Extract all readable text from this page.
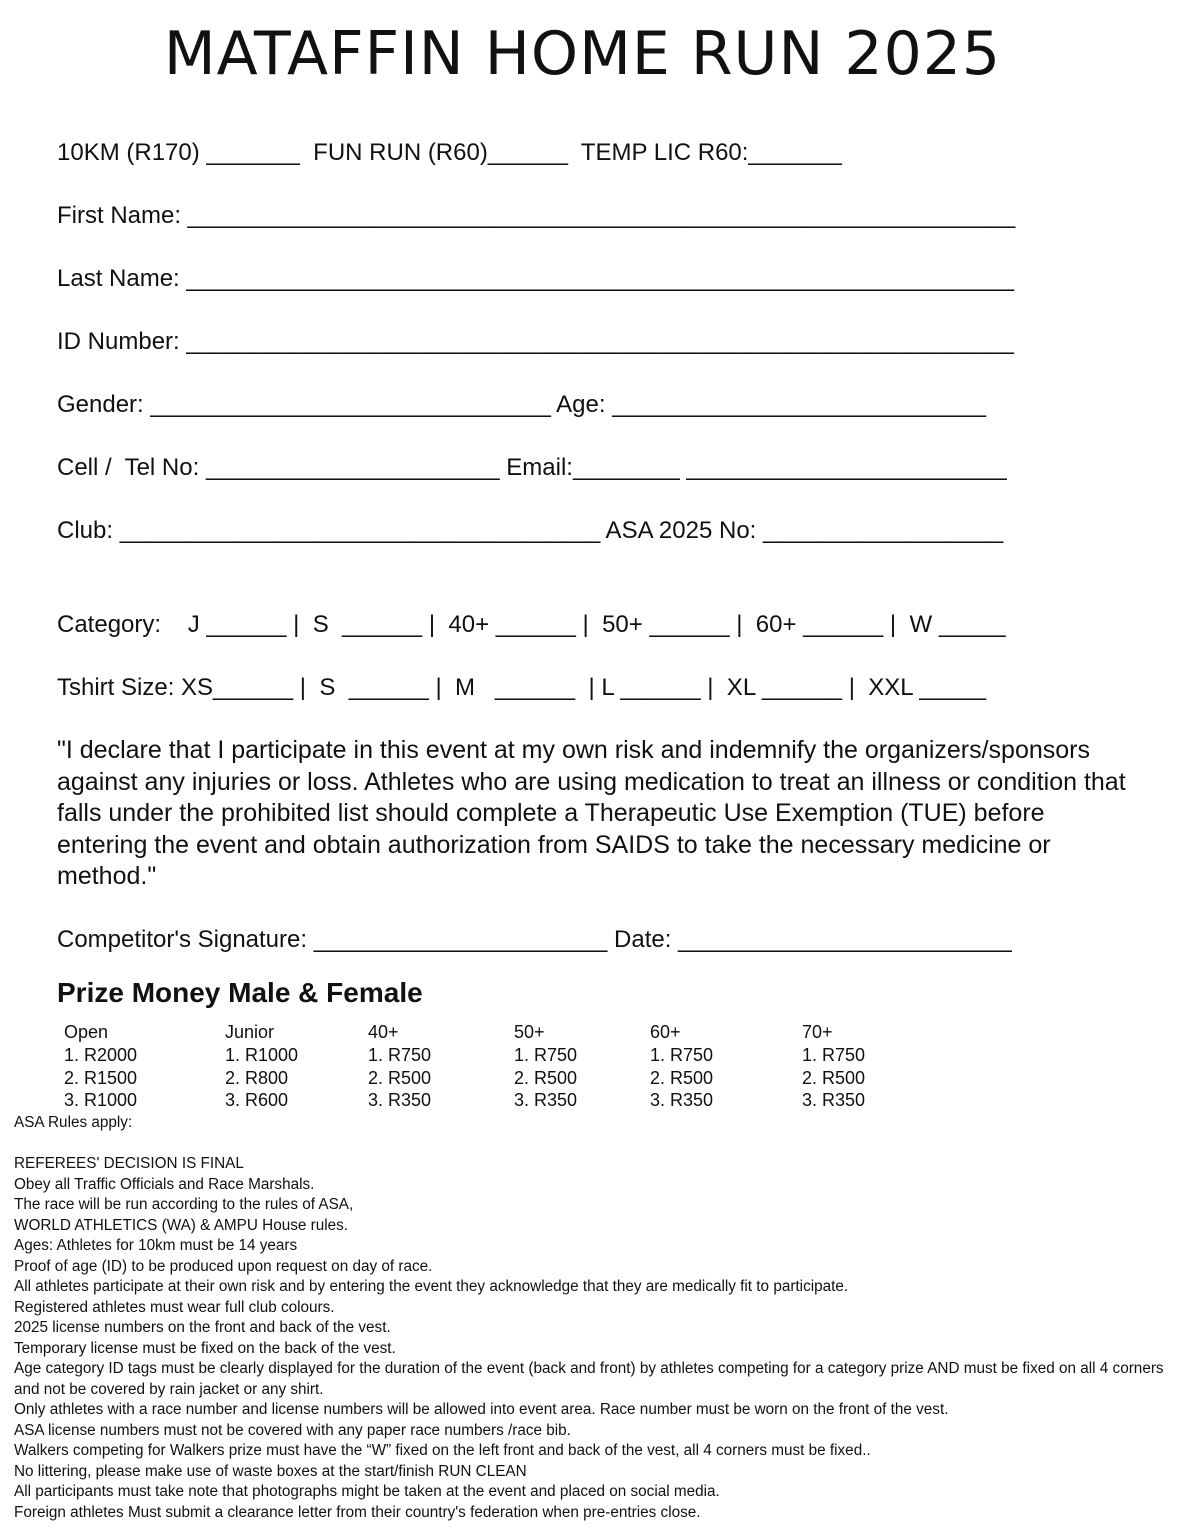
MATAFFIN HOME RUN 2025
10KM (R170) _______  FUN RUN (R60)______  TEMP LIC R60:_______
First Name: ______________________________________________________________
Last Name: ______________________________________________________________
ID Number: ______________________________________________________________
Gender: ______________________________ Age: ____________________________
Cell /  Tel No: ______________________ Email:________ ________________________
Club: ____________________________________ ASA 2025 No: __________________
Category:    J ______ |  S  ______ |  40+ ______ |  50+ ______ |  60+ ______ |  W _____
Tshirt Size: XS______ |  S  ______ |  M   ______  | L ______ |  XL ______ |  XXL _____
"I declare that I participate in this event at my own risk and indemnify the organizers/sponsors against any injuries or loss. Athletes who are using medication to treat an illness or condition that falls under the prohibited list should complete a Therapeutic Use Exemption (TUE) before entering the event and obtain authorization from SAIDS to take the necessary medicine or method."
Competitor's Signature: ______________________ Date: _________________________
Prize Money Male & Female
Open
1. R2000
2. R1500
3. R1000
Junior
1. R1000
2. R800
3. R600
40+
1. R750
2. R500
3. R350
50+
1. R750
2. R500
3. R350
60+
1. R750
2. R500
3. R350
70+
1. R750
2. R500
3. R350
ASA Rules apply:
REFEREES' DECISION IS FINAL
Obey all Traffic Officials and Race Marshals.
The race will be run according to the rules of ASA,
WORLD ATHLETICS (WA) & AMPU House rules.
Ages: Athletes for 10km must be 14 years
Proof of age (ID) to be produced upon request on day of race.
All athletes participate at their own risk and by entering the event they acknowledge that they are medically fit to participate.
Registered athletes must wear full club colours.
2025 license numbers on the front and back of the vest.
Temporary license must be fixed on the back of the vest.
Age category ID tags must be clearly displayed for the duration of the event (back and front) by athletes competing for a category prize AND must be fixed on all 4 corners and not be covered by rain jacket or any shirt.
Only athletes with a race number and license numbers will be allowed into event area. Race number must be worn on the front of the vest.
ASA license numbers must not be covered with any paper race numbers /race bib.
Walkers competing for Walkers prize must have the “W” fixed on the left front and back of the vest, all 4 corners must be fixed..
No littering, please make use of waste boxes at the start/finish RUN CLEAN
All participants must take note that photographs might be taken at the event and placed on social media.
Foreign athletes Must submit a clearance letter from their country's federation when pre-entries close.
